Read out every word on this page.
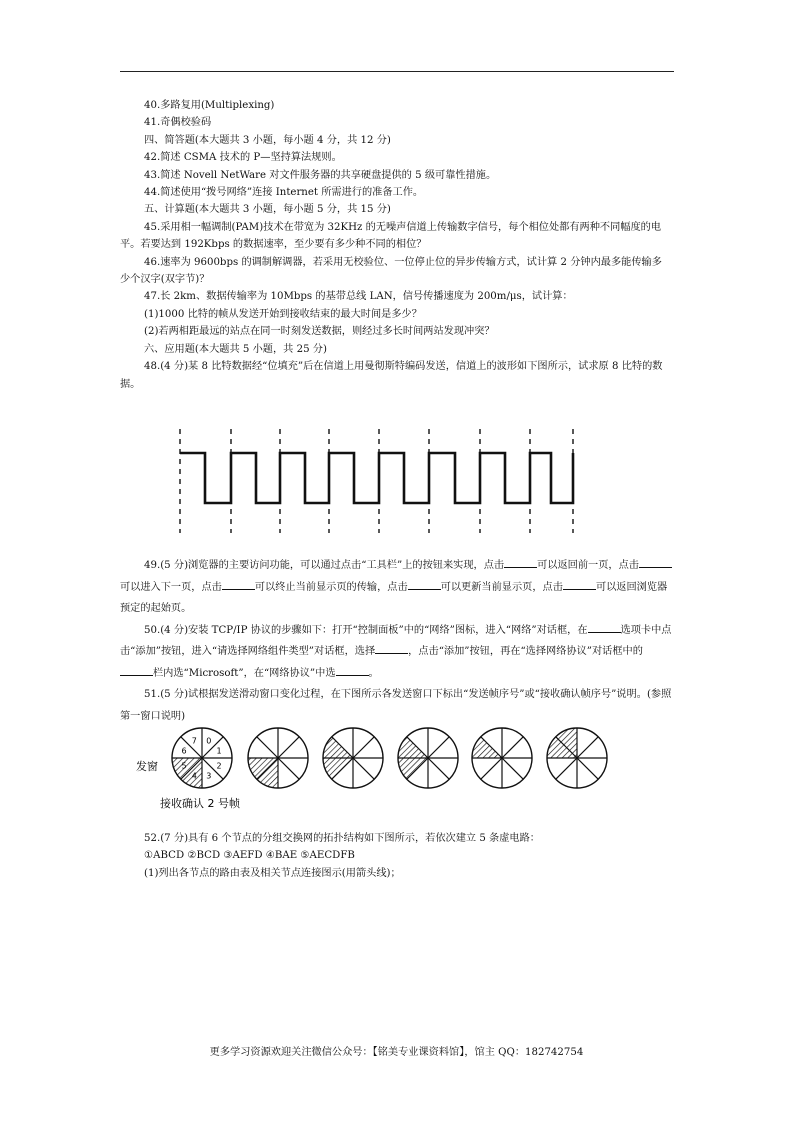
40.多路复用(Multiplexing)

41.奇偶校验码

四、简答题(本大题共 3 小题，每小题 4 分，共 12 分)

42.简述 CSMA 技术的 P—坚持算法规则。

43.简述 Novell NetWare 对文件服务器的共享硬盘提供的 5 级可靠性措施。

44.简述使用“拨号网络”连接 Internet 所需进行的准备工作。

五、计算题(本大题共 3 小题，每小题 5 分，共 15 分)

45.采用相一幅调制(PAM)技术在带宽为 32KHz 的无噪声信道上传输数字信号，每个相位处都有两种不同幅度的电平。若要达到 192Kbps 的数据速率，至少要有多少种不同的相位？

46.速率为 9600bps 的调制解调器，若采用无校验位、一位停止位的异步传输方式，试计算 2 分钟内最多能传输多少个汉字(双字节)？

47.长 2km、数据传输率为 10Mbps 的基带总线 LAN，信号传播速度为 200m/μs，试计算：

(1)1000 比特的帧从发送开始到接收结束的最大时间是多少？

(2)若两相距最远的站点在同一时刻发送数据，则经过多长时间两站发现冲突？

六、应用题(本大题共 5 小题，共 25 分)

48.(4 分)某 8 比特数据经“位填充”后在信道上用曼彻斯特编码发送，信道上的波形如下图所示，试求原 8 比特的数据。

49.(5 分)浏览器的主要访问功能，可以通过点击“工具栏”上的按钮来实现，点击	可以返回前一页，点击可以进入下一页，点击	可以终止当前显示页的传输，点击	可以更新当前显示页，点击	可以返回浏览器预定的起始页。

50.(4 分)安装 TCP/IP 协议的步骤如下：打开“控制面板”中的“网络”图标，进入“网络”对话框，在	选项卡中点击“添加”按钮，进入“请选择网络组件类型”对话框，选择	，点击“添加”按钮，再在“选择网络协议”对话框中的栏内选“Microsoft”，在“网络协议”中选	。

51.(5 分)试根据发送滑动窗口变化过程，在下图所示各发送窗口下标出“发送帧序号”或“接收确认帧序号”说明。(参照第一窗口说明)

发窗
接收确认 2 号帧
0
1
2
3
4
5
6
7

52.(7 分)具有 6 个节点的分组交换网的拓扑结构如下图所示，若依次建立 5 条虚电路：

①ABCD ②BCD ③AEFD ④BAE ⑤AECDFB

(1)列出各节点的路由表及相关节点连接图示(用箭头线)；

更多学习资源欢迎关注微信公众号：【铭美专业课资料馆】，馆主 QQ：182742754
